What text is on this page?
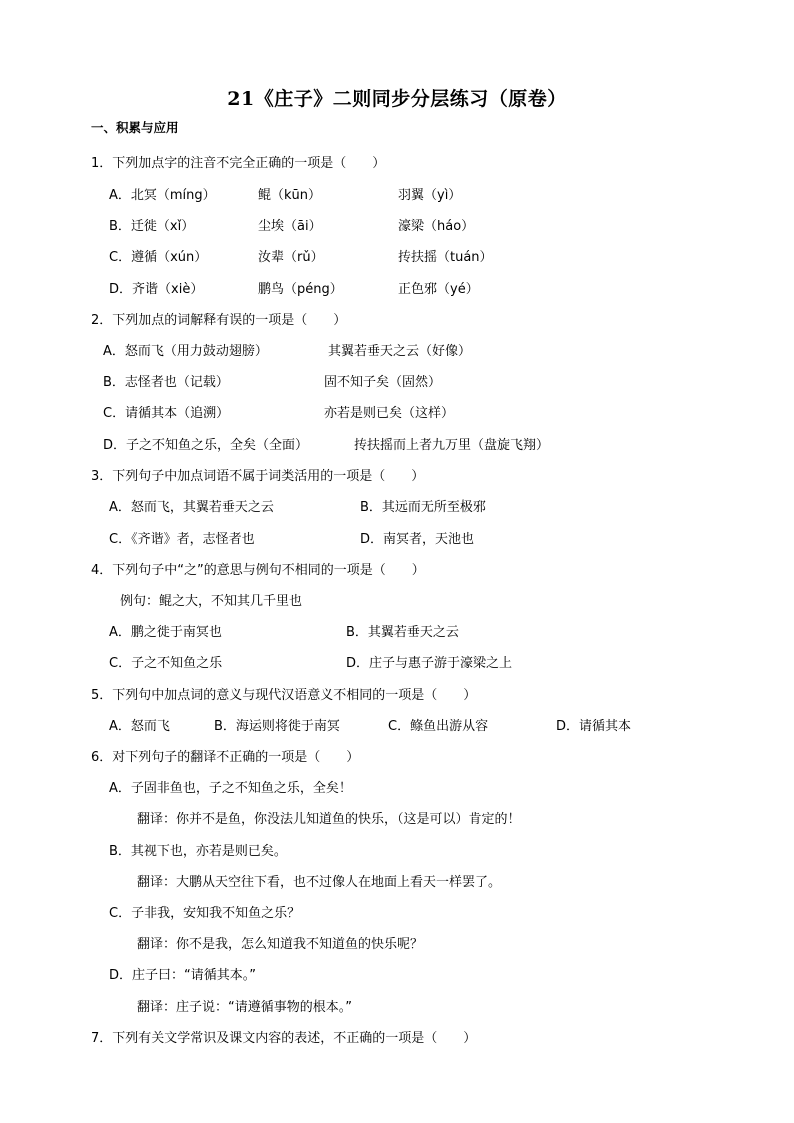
21《庄子》二则同步分层练习（原卷）
一、积累与应用
1．下列加点字的注音不完全正确的一项是（　　）
A．北冥（míng）	鲲（kūn）	羽翼（yì）
B．迁徙（xǐ）	尘埃（āi）	濠梁（háo）
C．遵循（xún）	汝辈（rǔ）	抟扶摇（tuán）
D．齐谐（xiè）	鹏鸟（péng）	正色邪（yé）
2．下列加点的词解释有误的一项是（　　）
A．怒而飞（用力鼓动翅膀）	其翼若垂天之云（好像）
B．志怪者也（记载）	固不知子矣（固然）
C．请循其本（追溯）	亦若是则已矣（这样）
D．子之不知鱼之乐，全矣（全面）	抟扶摇而上者九万里（盘旋飞翔）
3．下列句子中加点词语不属于词类活用的一项是（　　）
A．怒而飞，其翼若垂天之云	B．其远而无所至极邪
C．《齐谐》者，志怪者也	D．南冥者，天池也
4．下列句子中“之”的意思与例句不相同的一项是（　　）
例句：鲲之大，不知其几千里也
A．鹏之徙于南冥也	B．其翼若垂天之云
C．子之不知鱼之乐	D．庄子与惠子游于濠梁之上
5．下列句中加点词的意义与现代汉语意义不相同的一项是（　　）
A．怒而飞	B．海运则将徙于南冥	C．鲦鱼出游从容	D．请循其本
6．对下列句子的翻译不正确的一项是（　　）
A．子固非鱼也，子之不知鱼之乐，全矣！
翻译：你并不是鱼，你没法儿知道鱼的快乐，（这是可以）肯定的！
B．其视下也，亦若是则已矣。
翻译：大鹏从天空往下看，也不过像人在地面上看天一样罢了。
C．子非我，安知我不知鱼之乐？
翻译：你不是我，怎么知道我不知道鱼的快乐呢？
D．庄子曰：“请循其本。”
翻译：庄子说：“请遵循事物的根本。”
7．下列有关文学常识及课文内容的表述，不正确的一项是（　　）
